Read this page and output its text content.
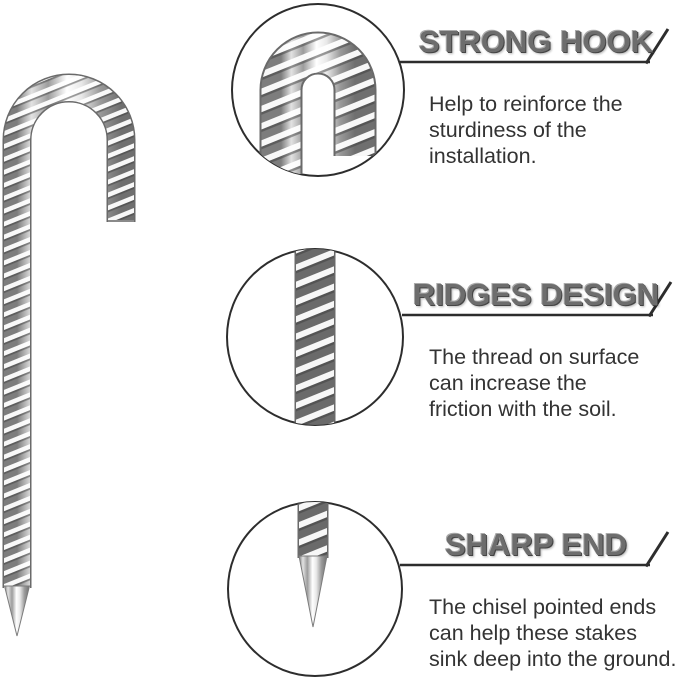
STRONG HOOK
Help to reinforce the
sturdiness of the
installation.
RIDGES DESIGN
The thread on surface
can increase the
friction with the soil.
SHARP END
The chisel pointed ends
can help these stakes
sink deep into the ground.
